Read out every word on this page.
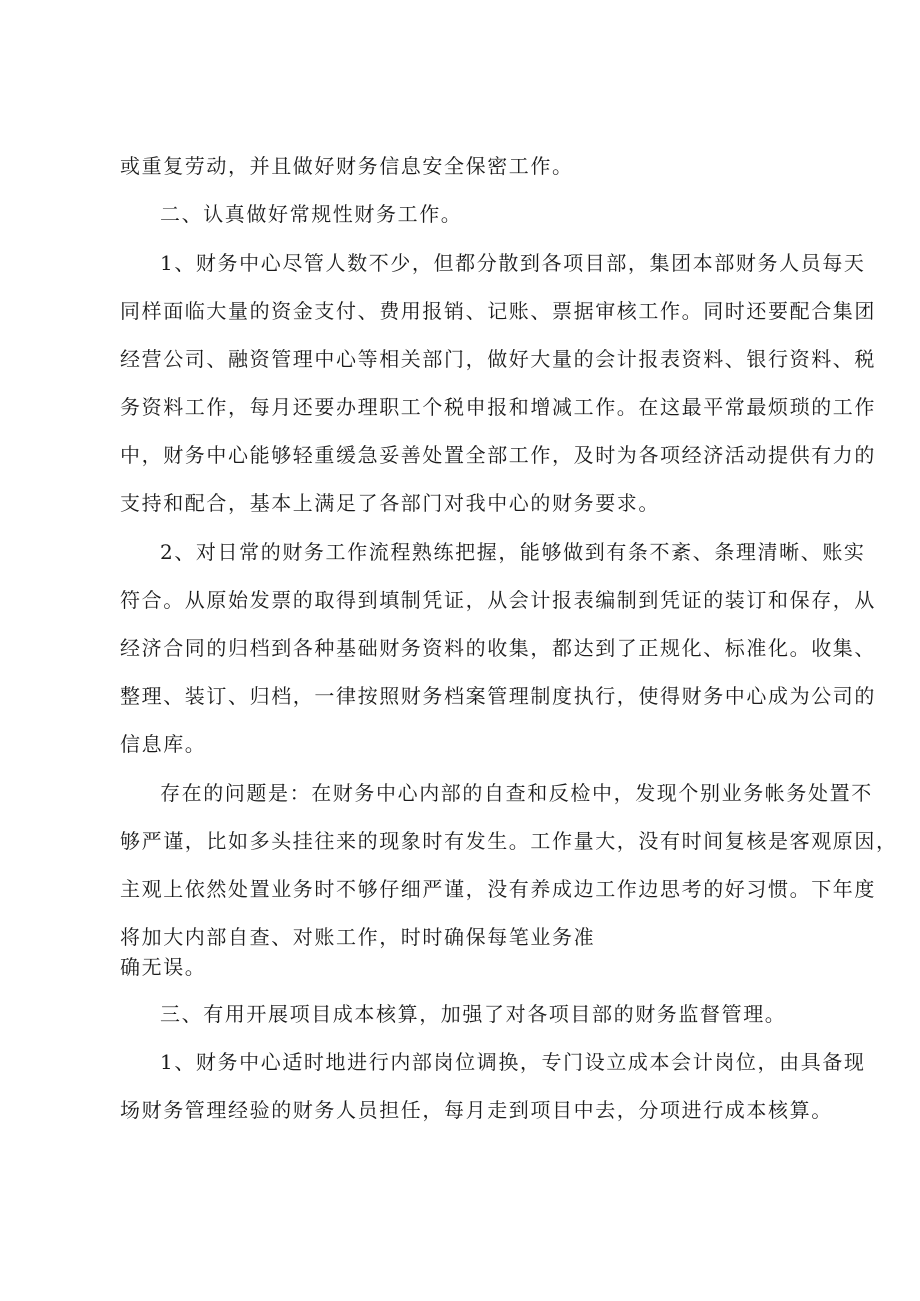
或重复劳动，并且做好财务信息安全保密工作。
二、认真做好常规性财务工作。
1、财务中心尽管人数不少，但都分散到各项目部，集团本部财务人员每天
同样面临大量的资金支付、费用报销、记账、票据审核工作。同时还要配合集团
经营公司、融资管理中心等相关部门，做好大量的会计报表资料、银行资料、税
务资料工作，每月还要办理职工个税申报和增减工作。在这最平常最烦琐的工作
中，财务中心能够轻重缓急妥善处置全部工作，及时为各项经济活动提供有力的
支持和配合，基本上满足了各部门对我中心的财务要求。
2、对日常的财务工作流程熟练把握，能够做到有条不紊、条理清晰、账实
符合。从原始发票的取得到填制凭证，从会计报表编制到凭证的装订和保存，从
经济合同的归档到各种基础财务资料的收集，都达到了正规化、标准化。收集、
整理、装订、归档，一律按照财务档案管理制度执行，使得财务中心成为公司的
信息库。
存在的问题是：在财务中心内部的自查和反检中，发现个别业务帐务处置不
够严谨，比如多头挂往来的现象时有发生。工作量大，没有时间复核是客观原因，
主观上依然处置业务时不够仔细严谨，没有养成边工作边思考的好习惯。下年度
将加大内部自查、对账工作，时时确保每笔业务准
确无误。
三、有用开展项目成本核算，加强了对各项目部的财务监督管理。
1、财务中心适时地进行内部岗位调换，专门设立成本会计岗位，由具备现
场财务管理经验的财务人员担任，每月走到项目中去，分项进行成本核算。
